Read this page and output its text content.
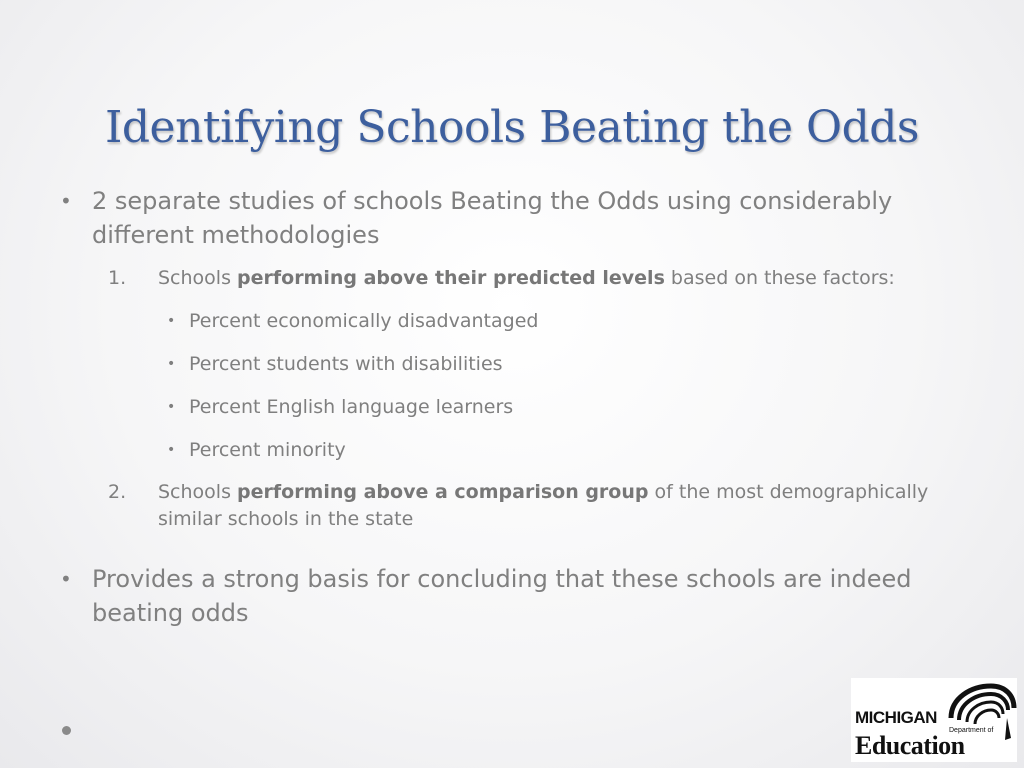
Identifying Schools Beating the Odds
• 2 separate studies of schools Beating the Odds using considerably different methodologies
1. Schools performing above their predicted levels based on these factors:
• Percent economically disadvantaged
• Percent students with disabilities
• Percent English language learners
• Percent minority
2. Schools performing above a comparison group of the most demographically similar schools in the state
• Provides a strong basis for concluding that these schools are indeed beating odds
MICHIGAN
Department of
Education
